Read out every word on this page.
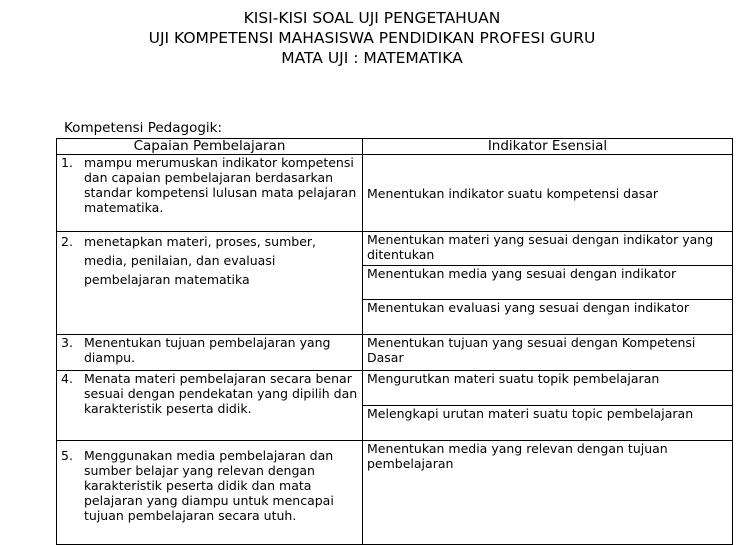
KISI-KISI SOAL UJI PENGETAHUAN
UJI KOMPETENSI MAHASISWA PENDIDIKAN PROFESI GURU
MATA UJI : MATEMATIKA
Kompetensi Pedagogik:
Capaian Pembelajaran	Indikator Esensial

1. mampu merumuskan indikator kompetensi dan capaian pembelajaran berdasarkan standar kompetensi lulusan mata pelajaran matematika.	Menentukan indikator suatu kompetensi dasar

2. menetapkan materi, proses, sumber, media, penilaian, dan evaluasi pembelajaran matematika	Menentukan materi yang sesuai dengan indikator yang ditentukan
	Menentukan media yang sesuai dengan indikator
	Menentukan evaluasi yang sesuai dengan indikator

3. Menentukan tujuan pembelajaran yang diampu.	Menentukan tujuan yang sesuai dengan Kompetensi Dasar

4. Menata materi pembelajaran secara benar sesuai dengan pendekatan yang dipilih dan karakteristik peserta didik.	Mengurutkan materi suatu topik pembelajaran
	Melengkapi urutan materi suatu topic pembelajaran

5. Menggunakan media pembelajaran dan sumber belajar yang relevan dengan karakteristik peserta didik dan mata pelajaran yang diampu untuk mencapai tujuan pembelajaran secara utuh.	Menentukan media yang relevan dengan tujuan pembelajaran
